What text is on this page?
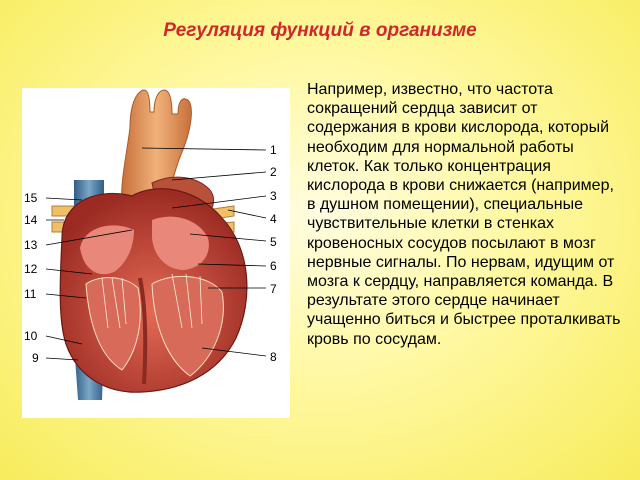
Регуляция функций в организме
1
2
3
4
5
6
7
8
15
14
13
12
11
10
9
Например, известно, что частота сокращений сердца зависит от содержания в крови кислорода, который необходим для нормальной работы клеток. Как только концентрация кислорода в крови снижается (например, в душном помещении), специальные чувствительные клетки в стенках кровеносных сосудов посылают в мозг нервные сигналы. По нервам, идущим от мозга к сердцу, направляется команда. В результате этого сердце начинает учащенно биться и быстрее проталкивать кровь по сосудам.
